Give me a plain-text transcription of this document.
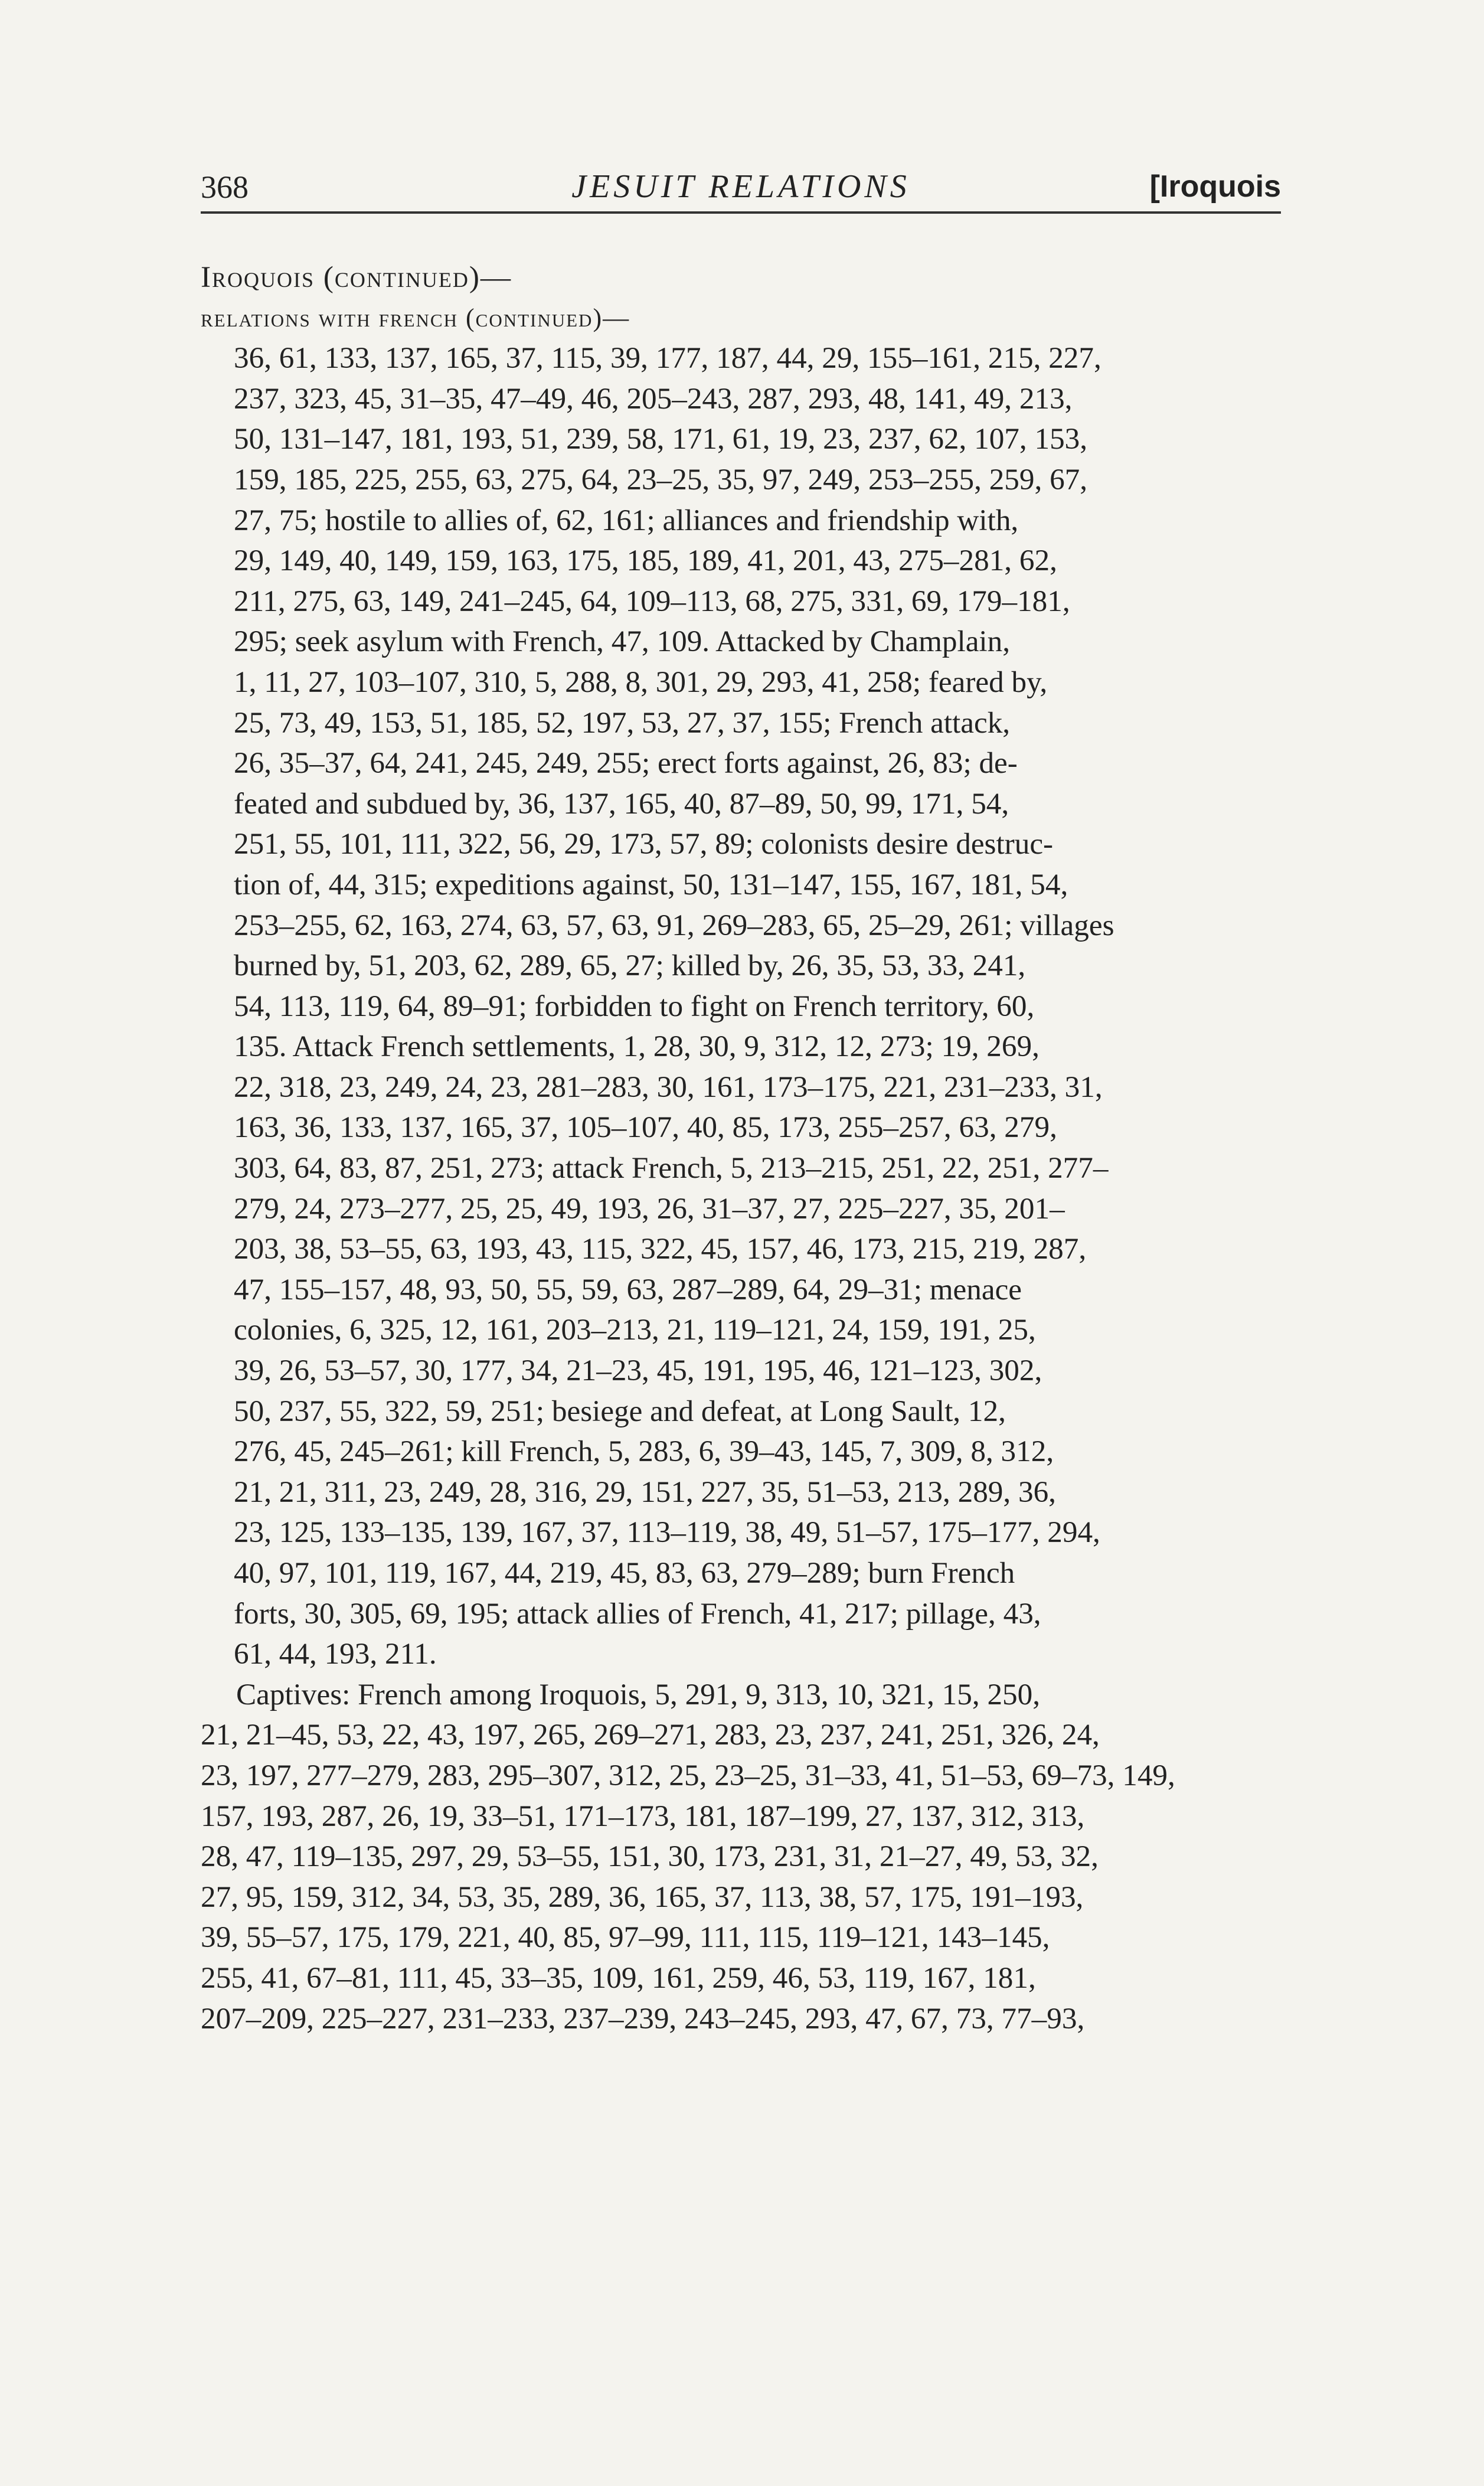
368	JESUIT RELATIONS	[Iroquois
Iroquois (continued)—
relations with french (continued)—
36, 61, 133, 137, 165, 37, 115, 39, 177, 187, 44, 29, 155–161, 215, 227,
237, 323, 45, 31–35, 47–49, 46, 205–243, 287, 293, 48, 141, 49, 213,
50, 131–147, 181, 193, 51, 239, 58, 171, 61, 19, 23, 237, 62, 107, 153,
159, 185, 225, 255, 63, 275, 64, 23–25, 35, 97, 249, 253–255, 259, 67,
27, 75; hostile to allies of, 62, 161; alliances and friendship with,
29, 149, 40, 149, 159, 163, 175, 185, 189, 41, 201, 43, 275–281, 62,
211, 275, 63, 149, 241–245, 64, 109–113, 68, 275, 331, 69, 179–181,
295; seek asylum with French, 47, 109. Attacked by Champlain,
1, 11, 27, 103–107, 310, 5, 288, 8, 301, 29, 293, 41, 258; feared by,
25, 73, 49, 153, 51, 185, 52, 197, 53, 27, 37, 155; French attack,
26, 35–37, 64, 241, 245, 249, 255; erect forts against, 26, 83; de-
feated and subdued by, 36, 137, 165, 40, 87–89, 50, 99, 171, 54,
251, 55, 101, 111, 322, 56, 29, 173, 57, 89; colonists desire destruc-
tion of, 44, 315; expeditions against, 50, 131–147, 155, 167, 181, 54,
253–255, 62, 163, 274, 63, 57, 63, 91, 269–283, 65, 25–29, 261; villages
burned by, 51, 203, 62, 289, 65, 27; killed by, 26, 35, 53, 33, 241,
54, 113, 119, 64, 89–91; forbidden to fight on French territory, 60,
135. Attack French settlements, 1, 28, 30, 9, 312, 12, 273; 19, 269,
22, 318, 23, 249, 24, 23, 281–283, 30, 161, 173–175, 221, 231–233, 31,
163, 36, 133, 137, 165, 37, 105–107, 40, 85, 173, 255–257, 63, 279,
303, 64, 83, 87, 251, 273; attack French, 5, 213–215, 251, 22, 251, 277–
279, 24, 273–277, 25, 25, 49, 193, 26, 31–37, 27, 225–227, 35, 201–
203, 38, 53–55, 63, 193, 43, 115, 322, 45, 157, 46, 173, 215, 219, 287,
47, 155–157, 48, 93, 50, 55, 59, 63, 287–289, 64, 29–31; menace
colonies, 6, 325, 12, 161, 203–213, 21, 119–121, 24, 159, 191, 25,
39, 26, 53–57, 30, 177, 34, 21–23, 45, 191, 195, 46, 121–123, 302,
50, 237, 55, 322, 59, 251; besiege and defeat, at Long Sault, 12,
276, 45, 245–261; kill French, 5, 283, 6, 39–43, 145, 7, 309, 8, 312,
21, 21, 311, 23, 249, 28, 316, 29, 151, 227, 35, 51–53, 213, 289, 36,
23, 125, 133–135, 139, 167, 37, 113–119, 38, 49, 51–57, 175–177, 294,
40, 97, 101, 119, 167, 44, 219, 45, 83, 63, 279–289; burn French
forts, 30, 305, 69, 195; attack allies of French, 41, 217; pillage, 43,
61, 44, 193, 211.
Captives: French among Iroquois, 5, 291, 9, 313, 10, 321, 15, 250,
21, 21–45, 53, 22, 43, 197, 265, 269–271, 283, 23, 237, 241, 251, 326, 24,
23, 197, 277–279, 283, 295–307, 312, 25, 23–25, 31–33, 41, 51–53, 69–73, 149,
157, 193, 287, 26, 19, 33–51, 171–173, 181, 187–199, 27, 137, 312, 313,
28, 47, 119–135, 297, 29, 53–55, 151, 30, 173, 231, 31, 21–27, 49, 53, 32,
27, 95, 159, 312, 34, 53, 35, 289, 36, 165, 37, 113, 38, 57, 175, 191–193,
39, 55–57, 175, 179, 221, 40, 85, 97–99, 111, 115, 119–121, 143–145,
255, 41, 67–81, 111, 45, 33–35, 109, 161, 259, 46, 53, 119, 167, 181,
207–209, 225–227, 231–233, 237–239, 243–245, 293, 47, 67, 73, 77–93,
